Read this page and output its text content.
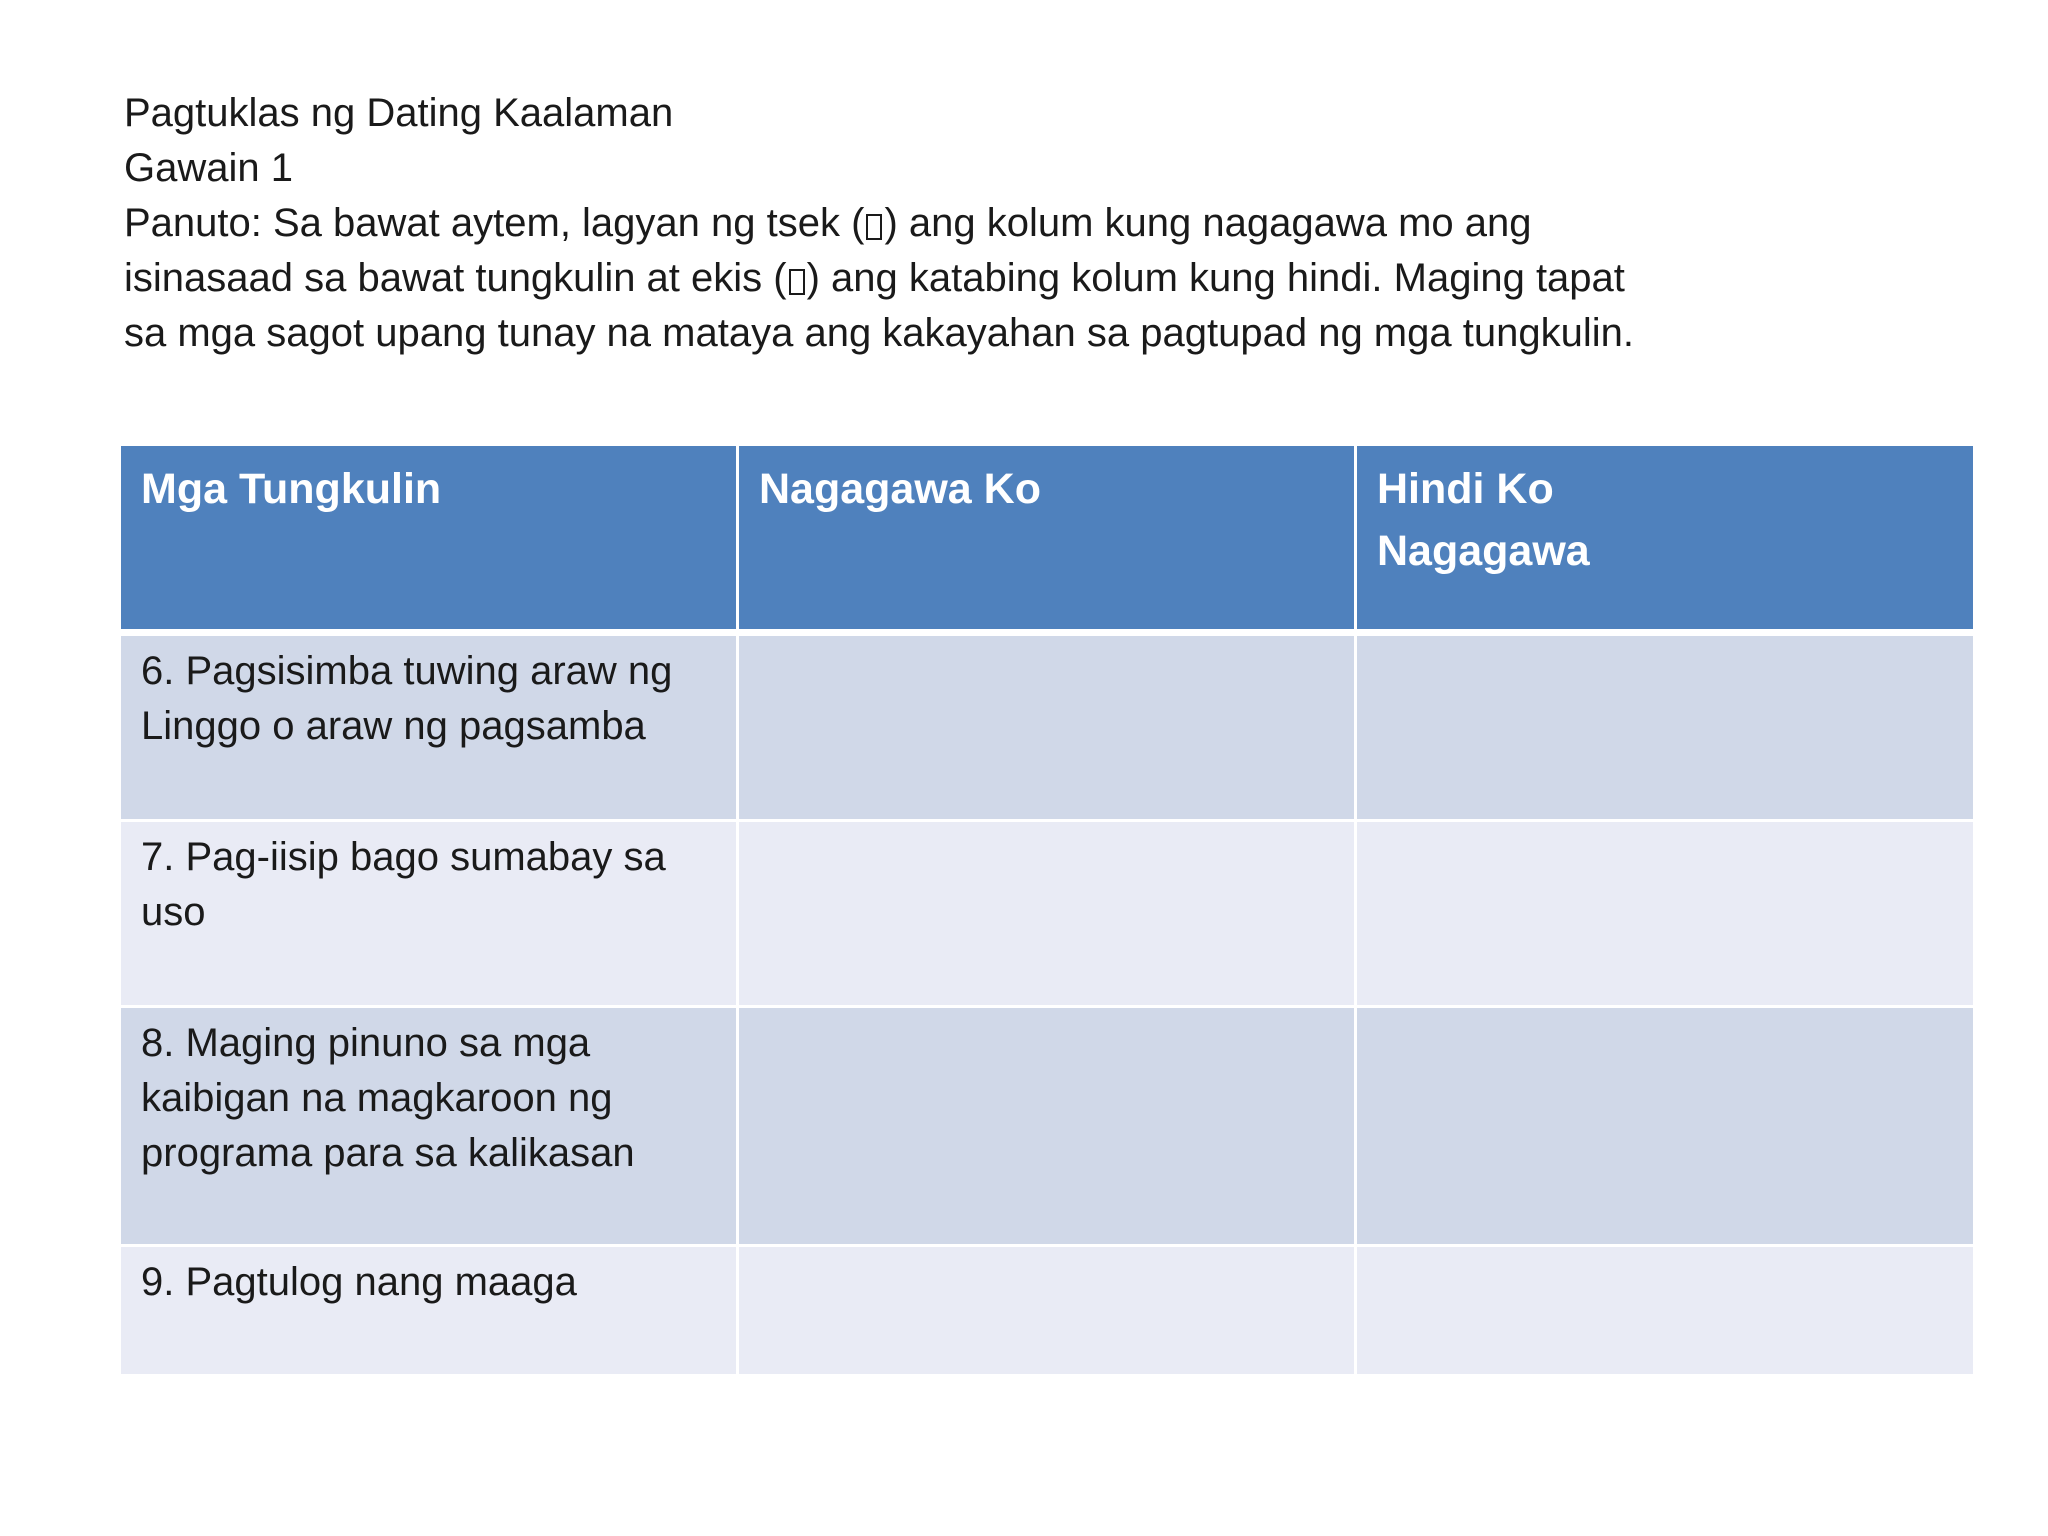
Pagtuklas ng Dating Kaalaman

Gawain 1

Panuto: Sa bawat aytem, lagyan ng tsek ( ) ang kolum kung nagagawa mo ang isinasaad sa bawat tungkulin at ekis ( ) ang katabing kolum kung hindi. Maging tapat sa mga sagot upang tunay na mataya ang kakayahan sa pagtupad ng mga tungkulin.

Mga Tungkulin	Nagagawa Ko	Hindi Ko Nagagawa
6. Pagsisimba tuwing araw ng Linggo o araw ng pagsamba		
7. Pag-iisip bago sumabay sa uso		
8. Maging pinuno sa mga kaibigan na magkaroon ng programa para sa kalikasan		
9. Pagtulog nang maaga		
